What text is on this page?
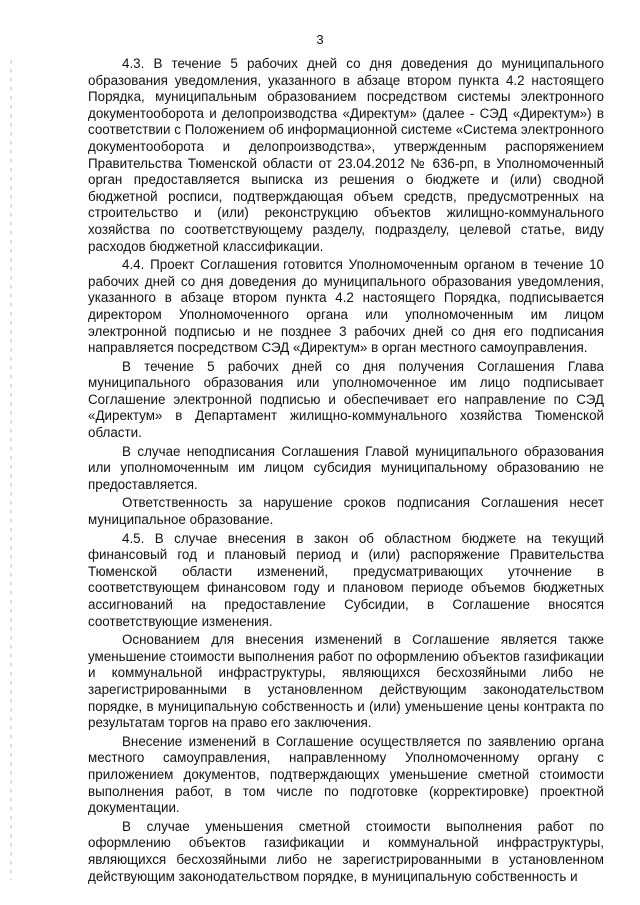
3

4.3. В течение 5 рабочих дней со дня доведения до муниципального образования уведомления, указанного в абзаце втором пункта 4.2 настоящего Порядка, муниципальным образованием посредством системы электронного документооборота и делопроизводства «Директум» (далее - СЭД «Директум») в соответствии с Положением об информационной системе «Система электронного документооборота и делопроизводства», утвержденным распоряжением Правительства Тюменской области от 23.04.2012 № 636-рп, в Уполномоченный орган предоставляется выписка из решения о бюджете и (или) сводной бюджетной росписи, подтверждающая объем средств, предусмотренных на строительство и (или) реконструкцию объектов жилищно-коммунального хозяйства по соответствующему разделу, подразделу, целевой статье, виду расходов бюджетной классификации.

4.4. Проект Соглашения готовится Уполномоченным органом в течение 10 рабочих дней со дня доведения до муниципального образования уведомления, указанного в абзаце втором пункта 4.2 настоящего Порядка, подписывается директором Уполномоченного органа или уполномоченным им лицом электронной подписью и не позднее 3 рабочих дней со дня его подписания направляется посредством СЭД «Директум» в орган местного самоуправления.

В течение 5 рабочих дней со дня получения Соглашения Глава муниципального образования или уполномоченное им лицо подписывает Соглашение электронной подписью и обеспечивает его направление по СЭД «Директум» в Департамент жилищно-коммунального хозяйства Тюменской области.

В случае неподписания Соглашения Главой муниципального образования или уполномоченным им лицом субсидия муниципальному образованию не предоставляется.

Ответственность за нарушение сроков подписания Соглашения несет муниципальное образование.

4.5. В случае внесения в закон об областном бюджете на текущий финансовый год и плановый период и (или) распоряжение Правительства Тюменской области изменений, предусматривающих уточнение в соответствующем финансовом году и плановом периоде объемов бюджетных ассигнований на предоставление Субсидии, в Соглашение вносятся соответствующие изменения.

Основанием для внесения изменений в Соглашение является также уменьшение стоимости выполнения работ по оформлению объектов газификации и коммунальной инфраструктуры, являющихся бесхозяйными либо не зарегистрированными в установленном действующим законодательством порядке, в муниципальную собственность и (или) уменьшение цены контракта по результатам торгов на право его заключения.

Внесение изменений в Соглашение осуществляется по заявлению органа местного самоуправления, направленному Уполномоченному органу с приложением документов, подтверждающих уменьшение сметной стоимости выполнения работ, в том числе по подготовке (корректировке) проектной документации.

В случае уменьшения сметной стоимости выполнения работ по оформлению объектов газификации и коммунальной инфраструктуры, являющихся бесхозяйными либо не зарегистрированными в установленном действующим законодательством порядке, в муниципальную собственность и
